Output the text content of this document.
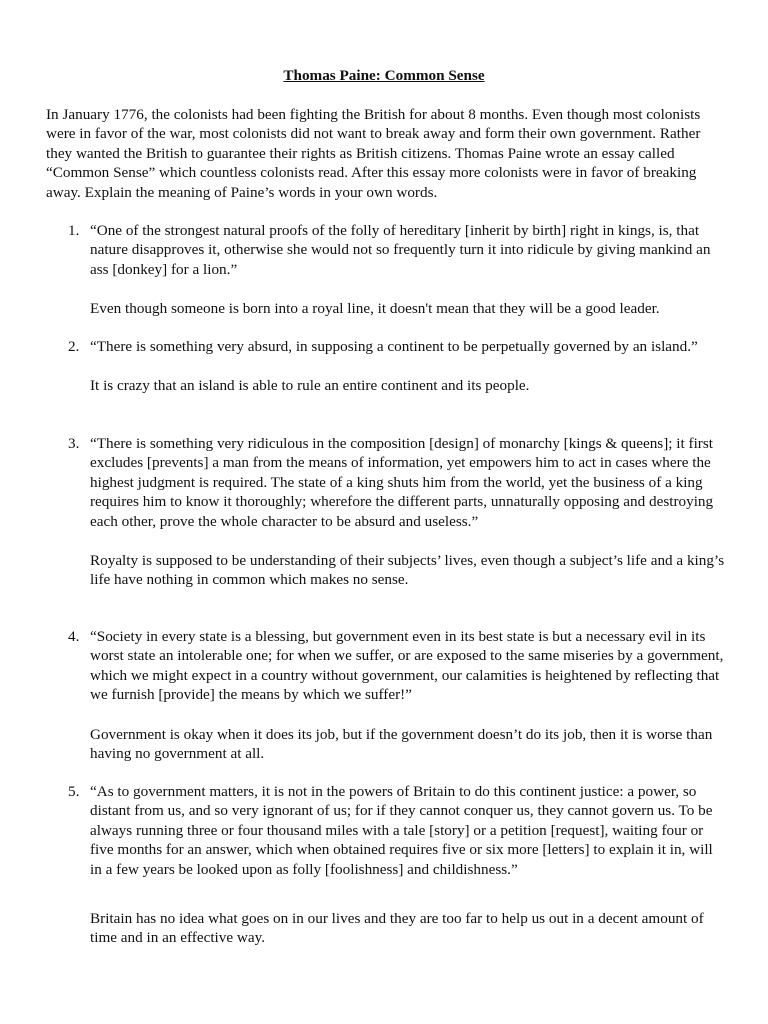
Thomas Paine: Common Sense

In January 1776, the colonists had been fighting the British for about 8 months. Even though most colonists were in favor of the war, most colonists did not want to break away and form their own government. Rather they wanted the British to guarantee their rights as British citizens. Thomas Paine wrote an essay called “Common Sense” which countless colonists read. After this essay more colonists were in favor of breaking away. Explain the meaning of Paine’s words in your own words.

1. “One of the strongest natural proofs of the folly of hereditary [inherit by birth] right in kings, is, that nature disapproves it, otherwise she would not so frequently turn it into ridicule by giving mankind an ass [donkey] for a lion.”

Even though someone is born into a royal line, it doesn't mean that they will be a good leader.

2. “There is something very absurd, in supposing a continent to be perpetually governed by an island.”

It is crazy that an island is able to rule an entire continent and its people.

3. “There is something very ridiculous in the composition [design] of monarchy [kings & queens]; it first excludes [prevents] a man from the means of information, yet empowers him to act in cases where the highest judgment is required. The state of a king shuts him from the world, yet the business of a king requires him to know it thoroughly; wherefore the different parts, unnaturally opposing and destroying each other, prove the whole character to be absurd and useless.”

Royalty is supposed to be understanding of their subjects’ lives, even though a subject’s life and a king’s life have nothing in common which makes no sense.

4. “Society in every state is a blessing, but government even in its best state is but a necessary evil in its worst state an intolerable one; for when we suffer, or are exposed to the same miseries by a government, which we might expect in a country without government, our calamities is heightened by reflecting that we furnish [provide] the means by which we suffer!”

Government is okay when it does its job, but if the government doesn’t do its job, then it is worse than having no government at all.

5. “As to government matters, it is not in the powers of Britain to do this continent justice: a power, so distant from us, and so very ignorant of us; for if they cannot conquer us, they cannot govern us. To be always running three or four thousand miles with a tale [story] or a petition [request], waiting four or five months for an answer, which when obtained requires five or six more [letters] to explain it in, will in a few years be looked upon as folly [foolishness] and childishness.”

Britain has no idea what goes on in our lives and they are too far to help us out in a decent amount of time and in an effective way.
